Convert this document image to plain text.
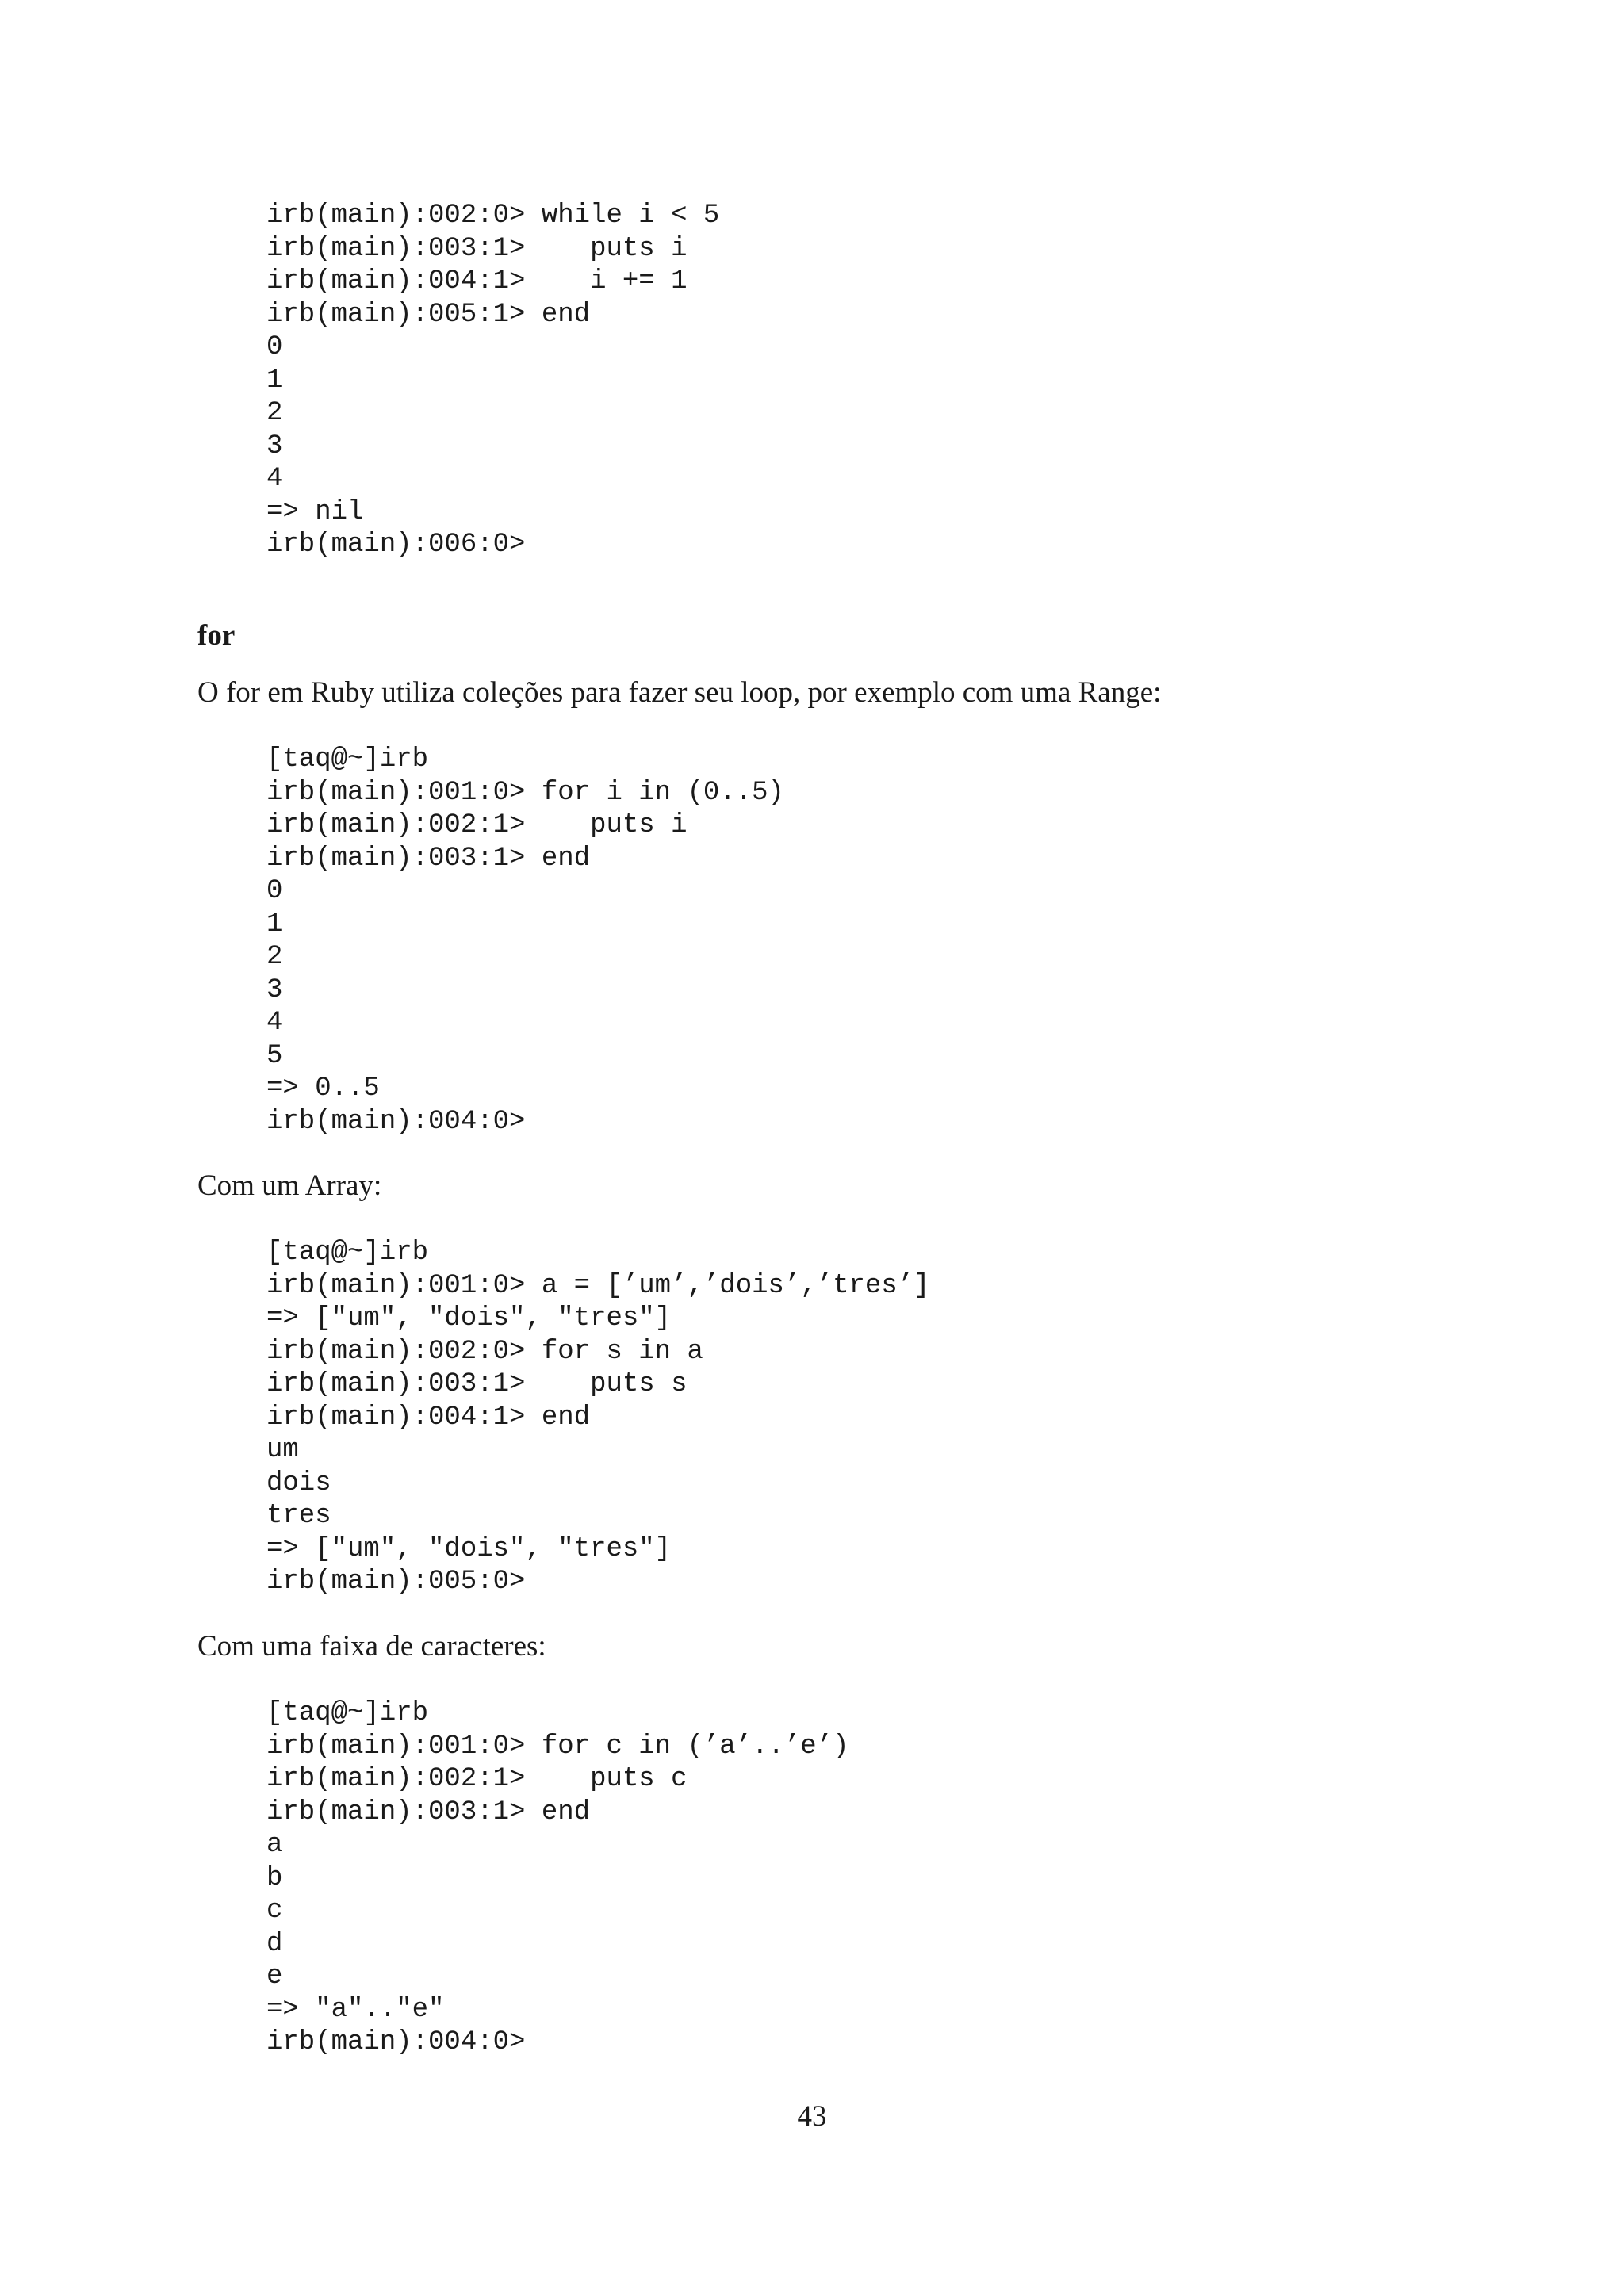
irb(main):002:0> while i < 5
irb(main):003:1>    puts i
irb(main):004:1>    i += 1
irb(main):005:1> end
0
1
2
3
4
=> nil
irb(main):006:0>
for

O for em Ruby utiliza coleções para fazer seu loop, por exemplo com uma Range:

[taq@~]irb
irb(main):001:0> for i in (0..5)
irb(main):002:1>    puts i
irb(main):003:1> end
0
1
2
3
4
5
=> 0..5
irb(main):004:0>

Com um Array:

[taq@~]irb
irb(main):001:0> a = [’um’,’dois’,’tres’]
=> ["um", "dois", "tres"]
irb(main):002:0> for s in a
irb(main):003:1>    puts s
irb(main):004:1> end
um
dois
tres
=> ["um", "dois", "tres"]
irb(main):005:0>

Com uma faixa de caracteres:

[taq@~]irb
irb(main):001:0> for c in (’a’..’e’)
irb(main):002:1>    puts c
irb(main):003:1> end
a
b
c
d
e
=> "a".."e"
irb(main):004:0>

43
